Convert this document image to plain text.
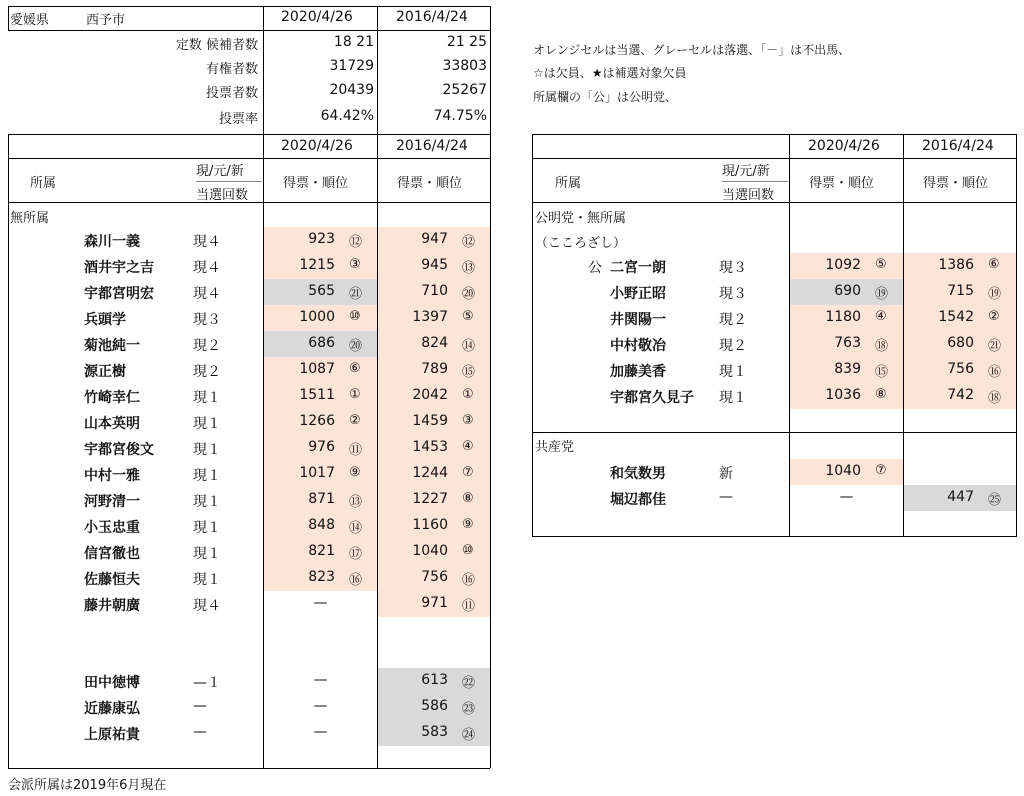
愛媛県	西予市	2020/4/26	2016/4/24
定数 候補者数	18 21	21 25
有権者数	31729	33803
投票者数	20439	25267
投票率	64.42%	74.75%
オレンジセルは当選、グレーセルは落選、「－」は不出馬、
☆は欠員、★は補選対象欠員
所属欄の「公」は公明党、
2020/4/26	2016/4/24
所属
現/元/新
当選回数
得票・順位	得票・順位
無所属
森川一義	現４	923 ⑫	947 ⑫
酒井宇之吉	現４	1215 ③	945 ⑬
宇都宮明宏	現４	565 ㉑	710 ⑳
兵頭学	現３	1000 ⑩	1397 ⑤
菊池純一	現２	686 ⑳	824 ⑭
源正樹	現２	1087 ⑥	789 ⑮
竹崎幸仁	現１	1511 ①	2042 ①
山本英明	現１	1266 ②	1459 ③
宇都宮俊文	現１	976 ⑪	1453 ④
中村一雅	現１	1017 ⑨	1244 ⑦
河野清一	現１	871 ⑬	1227 ⑧
小玉忠重	現１	848 ⑭	1160 ⑨
信宮徹也	現１	821 ⑰	1040 ⑩
佐藤恒夫	現１	823 ⑯	756 ⑯
藤井朝廣	現４	—	971 ⑪
田中徳博	—１	—	613 ㉒
近藤康弘	—	—	586 ㉓
上原祐貴	—	—	583 ㉔
2020/4/26	2016/4/24
所属
現/元/新
当選回数
得票・順位	得票・順位
公明党・無所属
（こころざし）
共産党
公 二宮一朗	現３	1092 ⑤	1386 ⑥
小野正昭	現３	690 ⑲	715 ⑲
井関陽一	現２	1180 ④	1542 ②
中村敬冶	現２	763 ⑱	680 ㉑
加藤美香	現１	839 ⑮	756 ⑯
宇都宮久見子 現１	1036 ⑧	742 ⑱
和気数男	新	1040 ⑦
堀辺都佳	—	—	447 ㉕
会派所属は2019年6月現在
